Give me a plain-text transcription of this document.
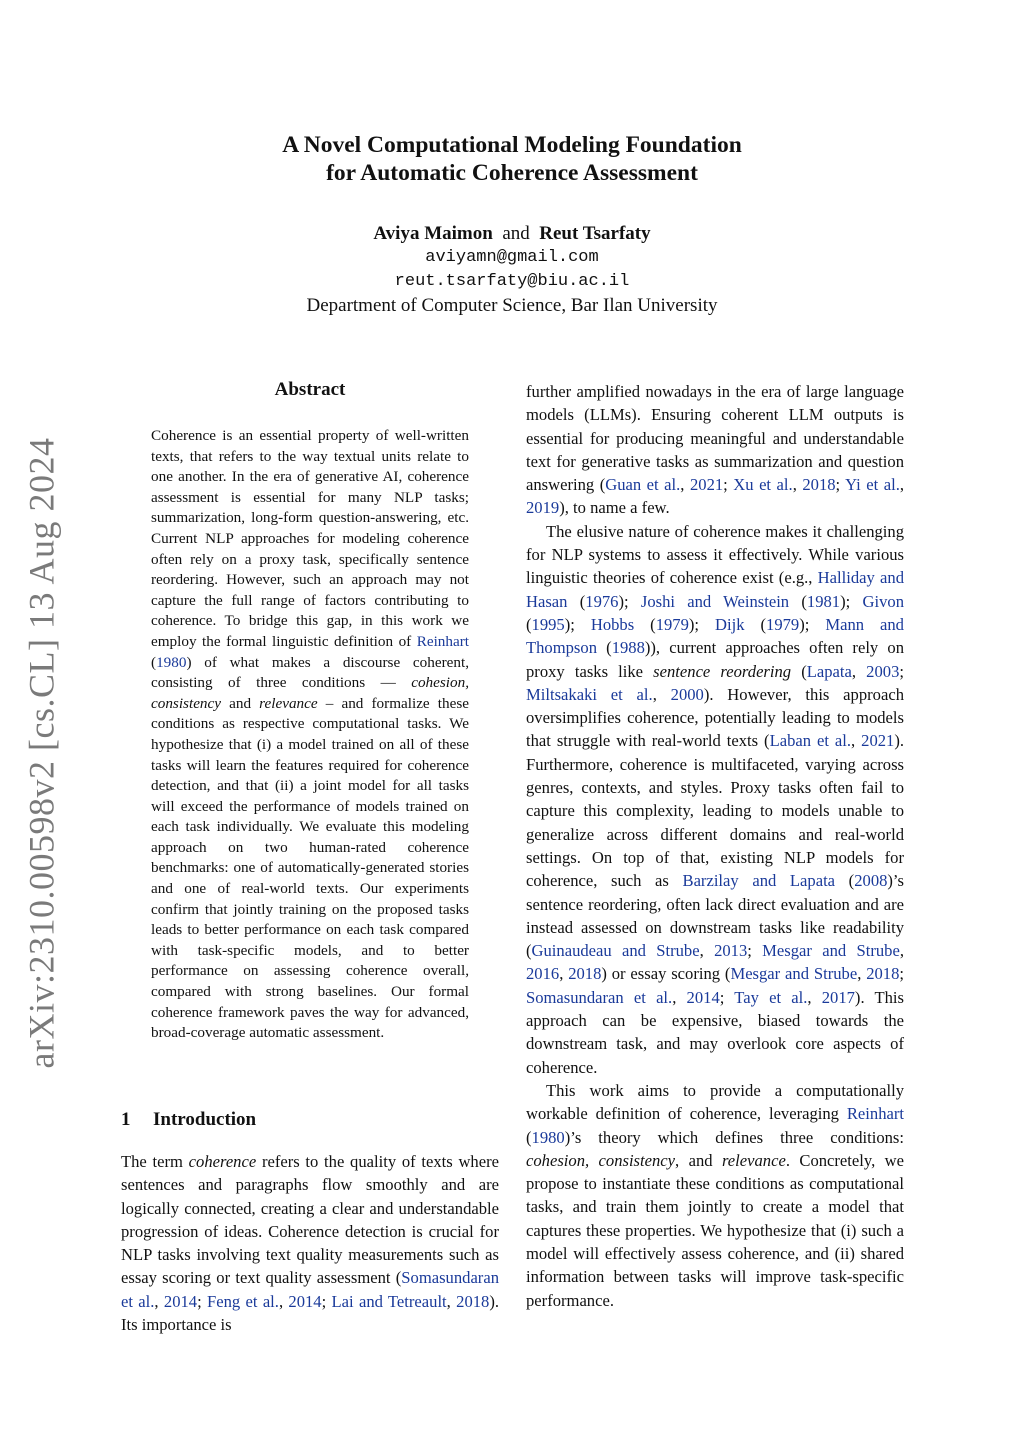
arXiv:2310.00598v2 [cs.CL] 13 Aug 2024
A Novel Computational Modeling Foundation
for Automatic Coherence Assessment
Aviya Maimon and Reut Tsarfaty
aviyamn@gmail.com
reut.tsarfaty@biu.ac.il
Department of Computer Science, Bar Ilan University
Abstract
Coherence is an essential property of well-written texts, that refers to the way textual units relate to one another. In the era of generative AI, coherence assessment is essential for many NLP tasks; summarization, long-form question-answering, etc. Current NLP approaches for modeling coherence often rely on a proxy task, specifically sentence reordering. However, such an approach may not capture the full range of factors contributing to coherence. To bridge this gap, in this work we employ the formal linguistic definition of Reinhart (1980) of what makes a discourse coherent, consisting of three conditions — cohesion, consistency and relevance – and formalize these conditions as respective computational tasks. We hypothesize that (i) a model trained on all of these tasks will learn the features required for coherence detection, and that (ii) a joint model for all tasks will exceed the performance of models trained on each task individually. We evaluate this modeling approach on two human-rated coherence benchmarks: one of automatically-generated stories and one of real-world texts. Our experiments confirm that jointly training on the proposed tasks leads to better performance on each task compared with task-specific models, and to better performance on assessing coherence overall, compared with strong baselines. Our formal coherence framework paves the way for advanced, broad-coverage automatic assessment.
1 Introduction

The term coherence refers to the quality of texts where sentences and paragraphs flow smoothly and are logically connected, creating a clear and understandable progression of ideas. Coherence detection is crucial for NLP tasks involving text quality measurements such as essay scoring or text quality assessment (Somasundaran et al., 2014; Feng et al., 2014; Lai and Tetreault, 2018). Its importance is

further amplified nowadays in the era of large language models (LLMs). Ensuring coherent LLM outputs is essential for producing meaningful and understandable text for generative tasks as summarization and question answering (Guan et al., 2021; Xu et al., 2018; Yi et al., 2019), to name a few.

The elusive nature of coherence makes it challenging for NLP systems to assess it effectively. While various linguistic theories of coherence exist (e.g., Halliday and Hasan (1976); Joshi and Weinstein (1981); Givon (1995); Hobbs (1979); Dijk (1979); Mann and Thompson (1988)), current approaches often rely on proxy tasks like sentence reordering (Lapata, 2003; Miltsakaki et al., 2000). However, this approach oversimplifies coherence, potentially leading to models that struggle with real-world texts (Laban et al., 2021). Furthermore, coherence is multifaceted, varying across genres, contexts, and styles. Proxy tasks often fail to capture this complexity, leading to models unable to generalize across different domains and real-world settings. On top of that, existing NLP models for coherence, such as Barzilay and Lapata (2008)’s sentence reordering, often lack direct evaluation and are instead assessed on downstream tasks like readability (Guinaudeau and Strube, 2013; Mesgar and Strube, 2016, 2018) or essay scoring (Mesgar and Strube, 2018; Somasundaran et al., 2014; Tay et al., 2017). This approach can be expensive, biased towards the downstream task, and may overlook core aspects of coherence.

This work aims to provide a computationally workable definition of coherence, leveraging Reinhart (1980)’s theory which defines three conditions: cohesion, consistency, and relevance. Concretely, we propose to instantiate these conditions as computational tasks, and train them jointly to create a model that captures these properties. We hypothesize that (i) such a model will effectively assess coherence, and (ii) shared information between tasks will improve task-specific performance.
